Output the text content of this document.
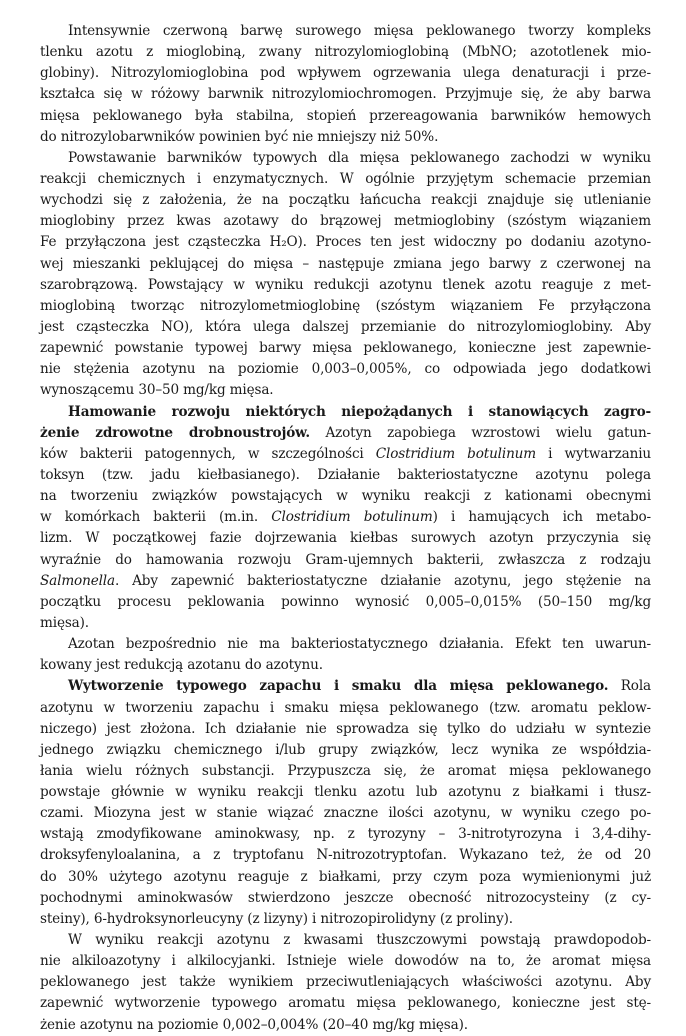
Intensywnie czerwoną barwę surowego mięsa peklowanego tworzy kompleks
tlenku azotu z mioglobiną, zwany nitrozylomioglobiną (MbNO; azototlenek mio-
globiny). Nitrozylomioglobina pod wpływem ogrzewania ulega denaturacji i prze-
kształca się w różowy barwnik nitrozylomiochromogen. Przyjmuje się, że aby barwa
mięsa peklowanego była stabilna, stopień przereagowania barwników hemowych
do nitrozylobarwników powinien być nie mniejszy niż 50%.
Powstawanie barwników typowych dla mięsa peklowanego zachodzi w wyniku
reakcji chemicznych i enzymatycznych. W ogólnie przyjętym schemacie przemian
wychodzi się z założenia, że na początku łańcucha reakcji znajduje się utlenianie
mioglobiny przez kwas azotawy do brązowej metmioglobiny (szóstym wiązaniem
Fe przyłączona jest cząsteczka H₂O). Proces ten jest widoczny po dodaniu azotyno-
wej mieszanki peklującej do mięsa – następuje zmiana jego barwy z czerwonej na
szarobrązową. Powstający w wyniku redukcji azotynu tlenek azotu reaguje z met-
mioglobiną tworząc nitrozylometmioglobinę (szóstym wiązaniem Fe przyłączona
jest cząsteczka NO), która ulega dalszej przemianie do nitrozylomioglobiny. Aby
zapewnić powstanie typowej barwy mięsa peklowanego, konieczne jest zapewnie-
nie stężenia azotynu na poziomie 0,003–0,005%, co odpowiada jego dodatkowi
wynoszącemu 30–50 mg/kg mięsa.
Hamowanie rozwoju niektórych niepożądanych i stanowiących zagro-
żenie zdrowotne drobnoustrojów. Azotyn zapobiega wzrostowi wielu gatun-
ków bakterii patogennych, w szczególności Clostridium botulinum i wytwarzaniu
toksyn (tzw. jadu kiełbasianego). Działanie bakteriostatyczne azotynu polega
na tworzeniu związków powstających w wyniku reakcji z kationami obecnymi
w komórkach bakterii (m.in. Clostridium botulinum) i hamujących ich metabo-
lizm. W początkowej fazie dojrzewania kiełbas surowych azotyn przyczynia się
wyraźnie do hamowania rozwoju Gram-ujemnych bakterii, zwłaszcza z rodzaju
Salmonella. Aby zapewnić bakteriostatyczne działanie azotynu, jego stężenie na
początku procesu peklowania powinno wynosić 0,005–0,015% (50–150 mg/kg
mięsa).
Azotan bezpośrednio nie ma bakteriostatycznego działania. Efekt ten uwarun-
kowany jest redukcją azotanu do azotynu.
Wytworzenie typowego zapachu i smaku dla mięsa peklowanego. Rola
azotynu w tworzeniu zapachu i smaku mięsa peklowanego (tzw. aromatu peklow-
niczego) jest złożona. Ich działanie nie sprowadza się tylko do udziału w syntezie
jednego związku chemicznego i/lub grupy związków, lecz wynika ze współdzia-
łania wielu różnych substancji. Przypuszcza się, że aromat mięsa peklowanego
powstaje głównie w wyniku reakcji tlenku azotu lub azotynu z białkami i tłusz-
czami. Miozyna jest w stanie wiązać znaczne ilości azotynu, w wyniku czego po-
wstają zmodyfikowane aminokwasy, np. z tyrozyny – 3-nitrotyrozyna i 3,4-dihy-
droksyfenyloalanina, a z tryptofanu N-nitrozotryptofan. Wykazano też, że od 20
do 30% użytego azotynu reaguje z białkami, przy czym poza wymienionymi już
pochodnymi aminokwasów stwierdzono jeszcze obecność nitrozocysteiny (z cy-
steiny), 6-hydroksynorleucyny (z lizyny) i nitrozopirolidyny (z proliny).
W wyniku reakcji azotynu z kwasami tłuszczowymi powstają prawdopodob-
nie alkiloazotyny i alkilocyjanki. Istnieje wiele dowodów na to, że aromat mięsa
peklowanego jest także wynikiem przeciwutleniających właściwości azotynu. Aby
zapewnić wytworzenie typowego aromatu mięsa peklowanego, konieczne jest stę-
żenie azotynu na poziomie 0,002–0,004% (20–40 mg/kg mięsa).
